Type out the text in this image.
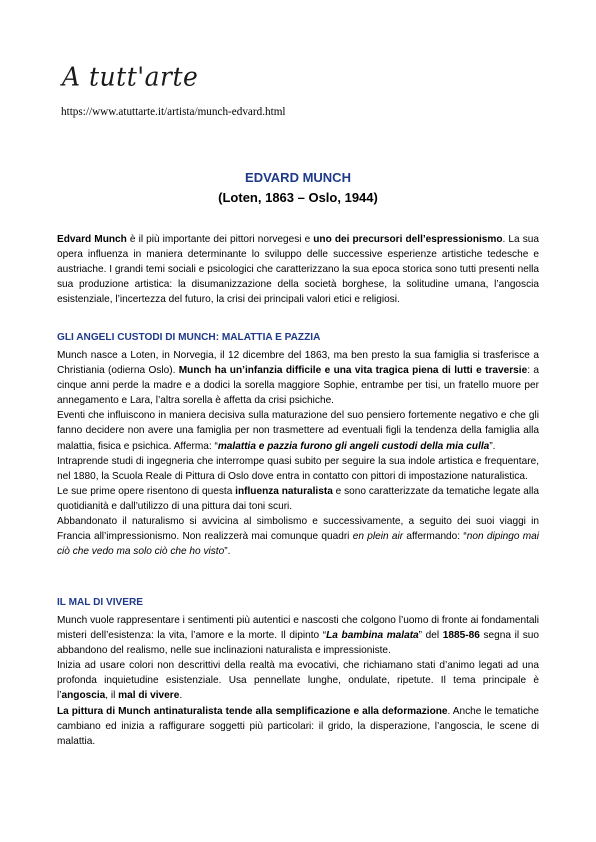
A tutt'arte
https://www.atuttarte.it/artista/munch-edvard.html
EDVARD MUNCH
(Loten, 1863 – Oslo, 1944)

Edvard Munch è il più importante dei pittori norvegesi e uno dei precursori dell’espressionismo. La sua opera influenza in maniera determinante lo sviluppo delle successive esperienze artistiche tedesche e austriache. I grandi temi sociali e psicologici che caratterizzano la sua epoca storica sono tutti presenti nella sua produzione artistica: la disumanizzazione della società borghese, la solitudine umana, l’angoscia esistenziale, l’incertezza del futuro, la crisi dei principali valori etici e religiosi.

GLI ANGELI CUSTODI DI MUNCH: MALATTIA E PAZZIA

Munch nasce a Loten, in Norvegia, il 12 dicembre del 1863, ma ben presto la sua famiglia si trasferisce a Christiania (odierna Oslo). Munch ha un’infanzia difficile e una vita tragica piena di lutti e traversie: a cinque anni perde la madre e a dodici la sorella maggiore Sophie, entrambe per tisi, un fratello muore per annegamento e Lara, l’altra sorella è affetta da crisi psichiche.

Eventi che influiscono in maniera decisiva sulla maturazione del suo pensiero fortemente negativo e che gli fanno decidere non avere una famiglia per non trasmettere ad eventuali figli la tendenza della famiglia alla malattia, fisica e psichica. Afferma: “malattia e pazzia furono gli angeli custodi della mia culla”.

Intraprende studi di ingegneria che interrompe quasi subito per seguire la sua indole artistica e frequentare, nel 1880, la Scuola Reale di Pittura di Oslo dove entra in contatto con pittori di impostazione naturalistica.

Le sue prime opere risentono di questa influenza naturalista e sono caratterizzate da tematiche legate alla quotidianità e dall’utilizzo di una pittura dai toni scuri.

Abbandonato il naturalismo si avvicina al simbolismo e successivamente, a seguito dei suoi viaggi in Francia all’impressionismo. Non realizzerà mai comunque quadri en plein air affermando: “non dipingo mai ciò che vedo ma solo ciò che ho visto”.

IL MAL DI VIVERE

Munch vuole rappresentare i sentimenti più autentici e nascosti che colgono l’uomo di fronte ai fondamentali misteri dell’esistenza: la vita, l’amore e la morte. Il dipinto “La bambina malata” del 1885-86 segna il suo abbandono del realismo, nelle sue inclinazioni naturalista e impressioniste.

Inizia ad usare colori non descrittivi della realtà ma evocativi, che richiamano stati d’animo legati ad una profonda inquietudine esistenziale. Usa pennellate lunghe, ondulate, ripetute. Il tema principale è l’angoscia, il mal di vivere.

La pittura di Munch antinaturalista tende alla semplificazione e alla deformazione. Anche le tematiche cambiano ed inizia a raffigurare soggetti più particolari: il grido, la disperazione, l’angoscia, le scene di malattia.
